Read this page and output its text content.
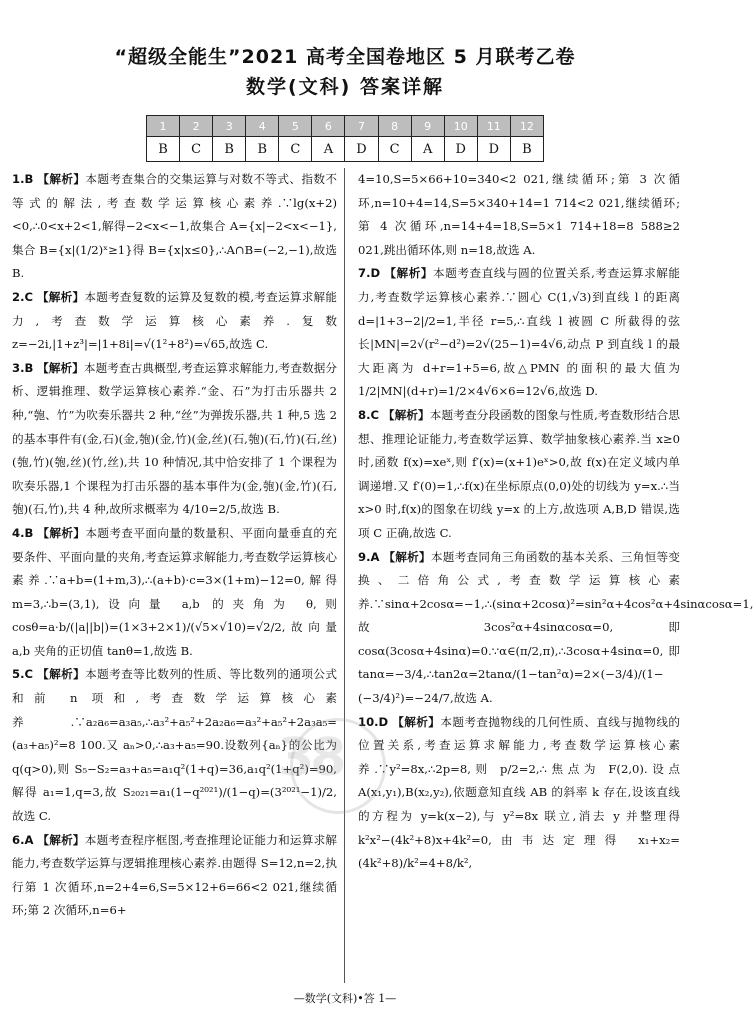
“超级全能生”2021 高考全国卷地区 5 月联考乙卷
数学(文科) 答案详解
1	2	3	4	5	6	7	8	9	10	11	12
B	C	B	B	C	A	D	C	A	D	D	B
1.B 【解析】本题考查集合的交集运算与对数不等式、指数不等式的解法,考查数学运算核心素养.∵lg(x+2)<0,∴0<x+2<1,解得−2<x<−1,故集合 A={x|−2<x<−1},集合 B={x|(1/2)ˣ≥1}得 B={x|x≤0},∴A∩B=(−2,−1),故选 B.
2.C 【解析】本题考查复数的运算及复数的模,考查运算求解能力,考查数学运算核心素养.复数 z=−2i,|1+z³|=|1+8i|=√(1²+8²)=√65,故选 C.
3.B 【解析】本题考查古典概型,考查运算求解能力,考查数据分析、逻辑推理、数学运算核心素养.“金、石”为打击乐器共 2 种,“匏、竹”为吹奏乐器共 2 种,“丝”为弹拨乐器,共 1 种,5 选 2 的基本事件有(金,石)(金,匏)(金,竹)(金,丝)(石,匏)(石,竹)(石,丝)(匏,竹)(匏,丝)(竹,丝),共 10 种情况,其中恰安排了 1 个课程为吹奏乐器,1 个课程为打击乐器的基本事件为(金,匏)(金,竹)(石,匏)(石,竹),共 4 种,故所求概率为 4/10=2/5,故选 B.
4.B 【解析】本题考查平面向量的数量积、平面向量垂直的充要条件、平面向量的夹角,考查运算求解能力,考查数学运算核心素养.∵a+b=(1+m,3),∴(a+b)·c=3×(1+m)−12=0,解得 m=3,∴b=(3,1),设向量 a,b 的夹角为 θ,则 cosθ=a·b/(|a||b|)=(1×3+2×1)/(√5×√10)=√2/2,故向量 a,b 夹角的正切值 tanθ=1,故选 B.
5.C 【解析】本题考查等比数列的性质、等比数列的通项公式和前 n 项和,考查数学运算核心素养.∵a₂a₆=a₃a₅,∴a₃²+a₅²+2a₂a₆=a₃²+a₅²+2a₃a₅=(a₃+a₅)²=8 100.又 aₙ>0,∴a₃+a₅=90.设数列{aₙ}的公比为 q(q>0),则 S₅−S₂=a₃+a₅=a₁q²(1+q)=36,a₁q²(1+q²)=90,解得 a₁=1,q=3,故 S₂₀₂₁=a₁(1−q²⁰²¹)/(1−q)=(3²⁰²¹−1)/2,故选 C.
6.A 【解析】本题考查程序框图,考查推理论证能力和运算求解能力,考查数学运算与逻辑推理核心素养.由题得 S=12,n=2,执行第 1 次循环,n=2+4=6,S=5×12+6=66<2 021,继续循环;第 2 次循环,n=6+
4=10,S=5×66+10=340<2 021,继续循环;第 3 次循环,n=10+4=14,S=5×340+14=1 714<2 021,继续循环;第 4 次循环,n=14+4=18,S=5×1 714+18=8 588≥2 021,跳出循环体,则 n=18,故选 A.
7.D 【解析】本题考查直线与圆的位置关系,考查运算求解能力,考查数学运算核心素养.∵圆心 C(1,√3)到直线 l 的距离 d=|1+3−2|/2=1,半径 r=5,∴直线 l 被圆 C 所截得的弦长|MN|=2√(r²−d²)=2√(25−1)=4√6,动点 P 到直线 l 的最大距离为 d+r=1+5=6,故△PMN 的面积的最大值为 1/2|MN|(d+r)=1/2×4√6×6=12√6,故选 D.
8.C 【解析】本题考查分段函数的图象与性质,考查数形结合思想、推理论证能力,考查数学运算、数学抽象核心素养.当 x≥0 时,函数 f(x)=xeˣ,则 f′(x)=(x+1)eˣ>0,故 f(x)在定义域内单调递增.又 f′(0)=1,∴f(x)在坐标原点(0,0)处的切线为 y=x.∴当 x>0 时,f(x)的图象在切线 y=x 的上方,故选项 A,B,D 错误,选项 C 正确,故选 C.
9.A 【解析】本题考查同角三角函数的基本关系、三角恒等变换、二倍角公式,考查数学运算核心素养.∵sinα+2cosα=−1,∴(sinα+2cosα)²=sin²α+4cos²α+4sinαcosα=1,故 3cos²α+4sinαcosα=0,即 cosα(3cosα+4sinα)=0.∵α∈(π/2,π),∴3cosα+4sinα=0,即 tanα=−3/4,∴tan2α=2tanα/(1−tan²α)=2×(−3/4)/(1−(−3/4)²)=−24/7,故选 A.
10.D 【解析】本题考查抛物线的几何性质、直线与抛物线的位置关系,考查运算求解能力,考查数学运算核心素养.∵y²=8x,∴2p=8,则 p/2=2,∴焦点为 F(2,0).设点 A(x₁,y₁),B(x₂,y₂),依题意知直线 AB 的斜率 k 存在,设该直线的方程为 y=k(x−2),与 y²=8x 联立,消去 y 并整理得 k²x²−(4k²+8)x+4k²=0,由韦达定理得 x₁+x₂=(4k²+8)/k²=4+8/k²,
38
—数学(文科)•答 1—
